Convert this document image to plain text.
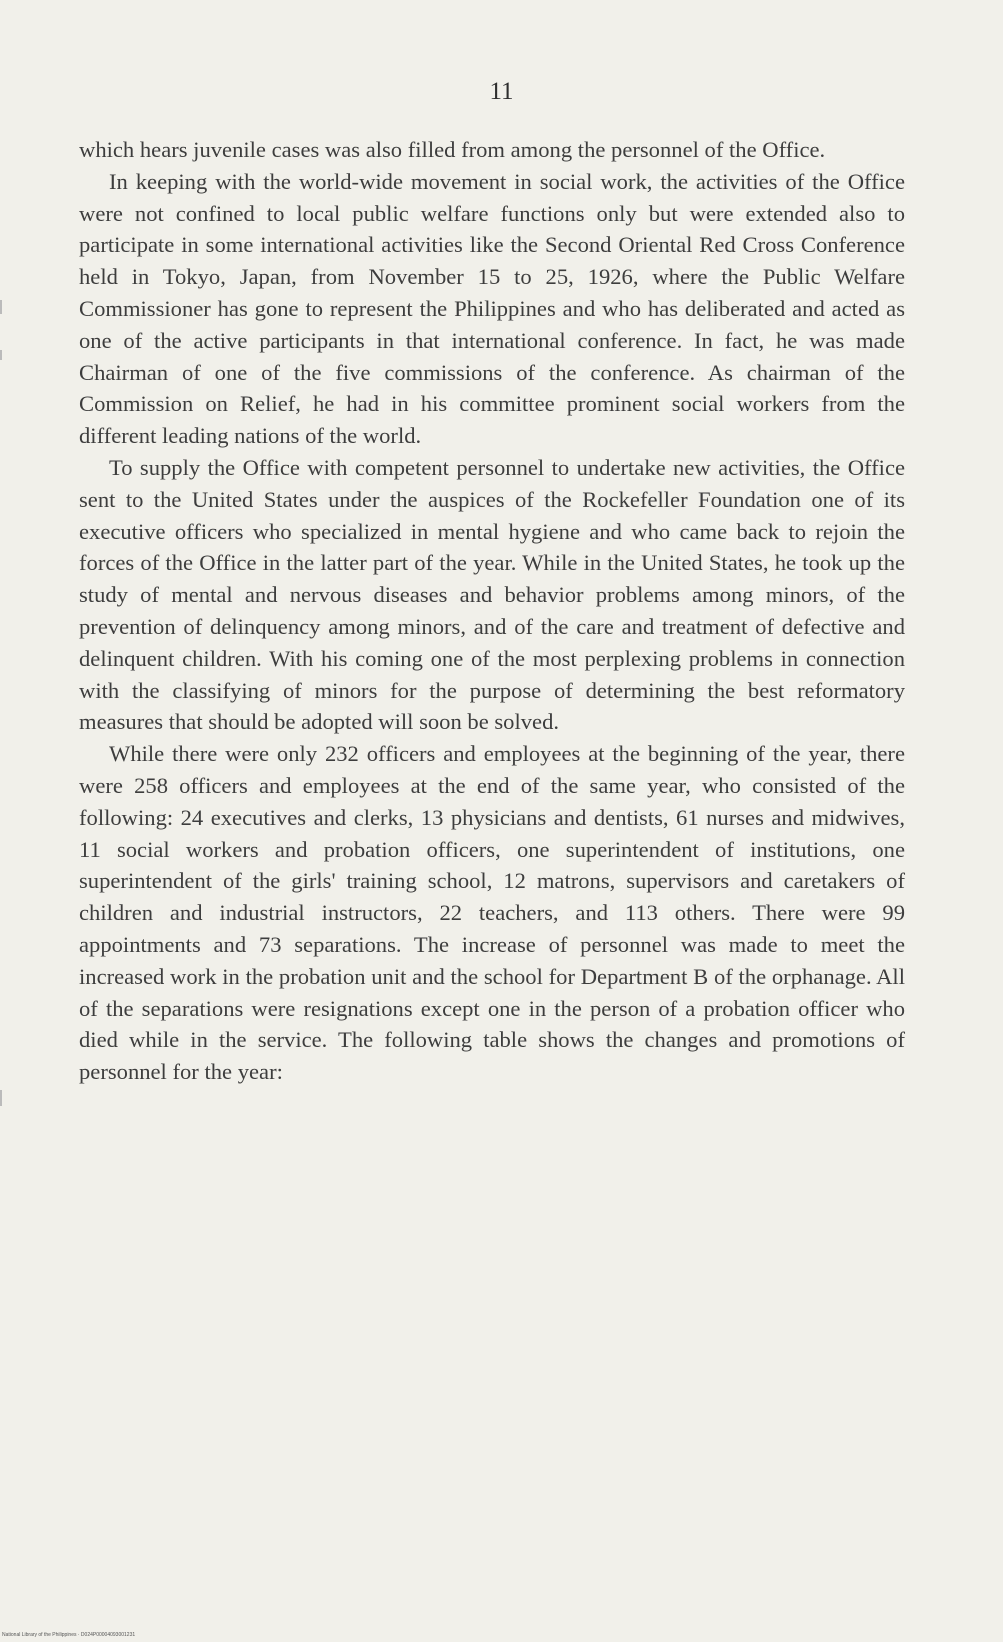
11

which hears juvenile cases was also filled from among the personnel of the Office.

In keeping with the world-wide movement in social work, the activities of the Office were not confined to local public welfare functions only but were extended also to participate in some international activities like the Second Oriental Red Cross Conference held in Tokyo, Japan, from November 15 to 25, 1926, where the Public Welfare Commissioner has gone to represent the Philippines and who has deliberated and acted as one of the active participants in that international conference. In fact, he was made Chairman of one of the five commissions of the conference. As chairman of the Commission on Relief, he had in his committee prominent social workers from the different leading nations of the world.

To supply the Office with competent personnel to undertake new activities, the Office sent to the United States under the auspices of the Rockefeller Foundation one of its executive officers who specialized in mental hygiene and who came back to rejoin the forces of the Office in the latter part of the year. While in the United States, he took up the study of mental and nervous diseases and behavior problems among minors, of the prevention of delinquency among minors, and of the care and treatment of defective and delinquent children. With his coming one of the most perplexing problems in connection with the classifying of minors for the purpose of determining the best reformatory measures that should be adopted will soon be solved.

While there were only 232 officers and employees at the beginning of the year, there were 258 officers and employees at the end of the same year, who consisted of the following: 24 executives and clerks, 13 physicians and dentists, 61 nurses and midwives, 11 social workers and probation officers, one superintendent of institutions, one superintendent of the girls' training school, 12 matrons, supervisors and caretakers of children and industrial instructors, 22 teachers, and 113 others. There were 99 appointments and 73 separations. The increase of personnel was made to meet the increased work in the probation unit and the school for Department B of the orphanage. All of the separations were resignations except one in the person of a probation officer who died while in the service. The following table shows the changes and promotions of personnel for the year:

National Library of the Philippines · D024P00004093001231
